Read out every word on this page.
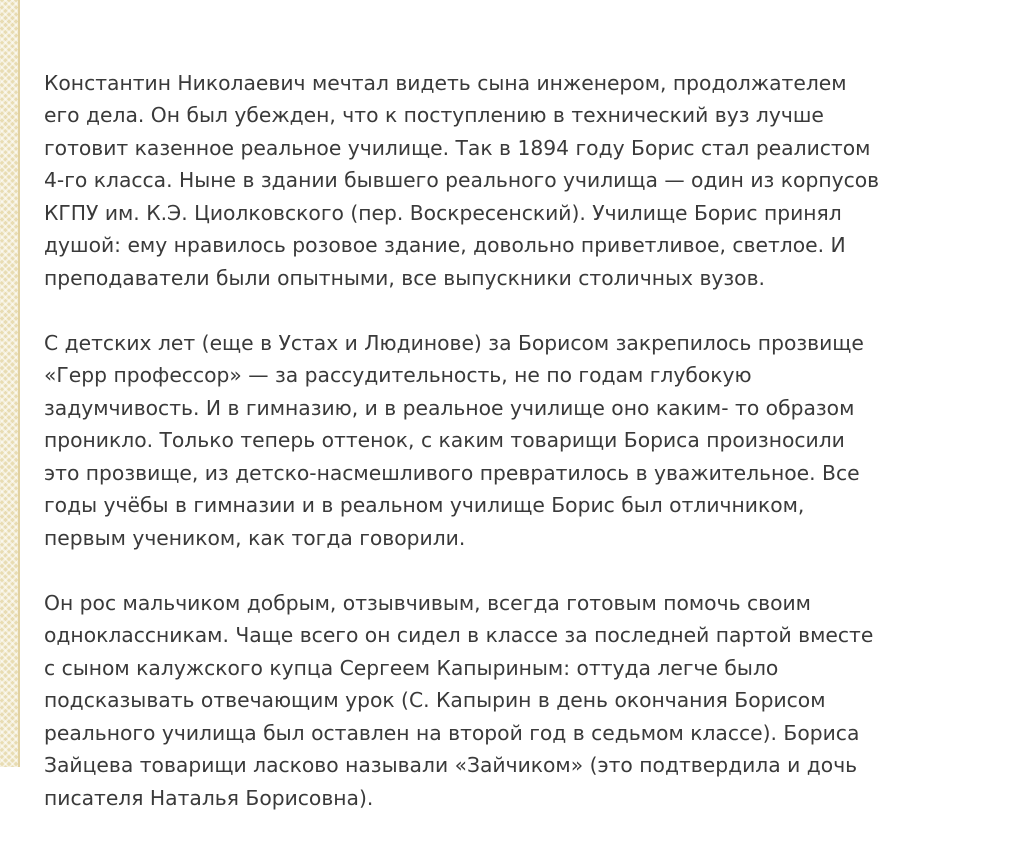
Константин Николаевич мечтал видеть сына инженером, продолжателем
его дела. Он был убежден, что к поступлению в технический вуз лучше
готовит казенное реальное училище. Так в 1894 году Борис стал реалистом
4-го класса. Ныне в здании бывшего реального училища — один из корпусов
КГПУ им. К.Э. Циолковского (пер. Воскресенский). Училище Борис принял
душой: ему нравилось розовое здание, довольно приветливое, светлое. И
преподаватели были опытными, все выпускники столичных вузов.

С детских лет (еще в Устах и Людинове) за Борисом закрепилось прозвище
«Герр профессор» — за рассудительность, не по годам глубокую
задумчивость. И в гимназию, и в реальное училище оно каким- то образом
проникло. Только теперь оттенок, с каким товарищи Бориса произносили
это прозвище, из детско-насмешливого превратилось в уважительное. Все
годы учёбы в гимназии и в реальном училище Борис был отличником,
первым учеником, как тогда говорили.

Он рос мальчиком добрым, отзывчивым, всегда готовым помочь своим
одноклассникам. Чаще всего он сидел в классе за последней партой вместе
с сыном калужского купца Сергеем Капыриным: оттуда легче было
подсказывать отвечающим урок (С. Капырин в день окончания Борисом
реального училища был оставлен на второй год в седьмом классе). Бориса
Зайцева товарищи ласково называли «Зайчиком» (это подтвердила и дочь
писателя Наталья Борисовна).
